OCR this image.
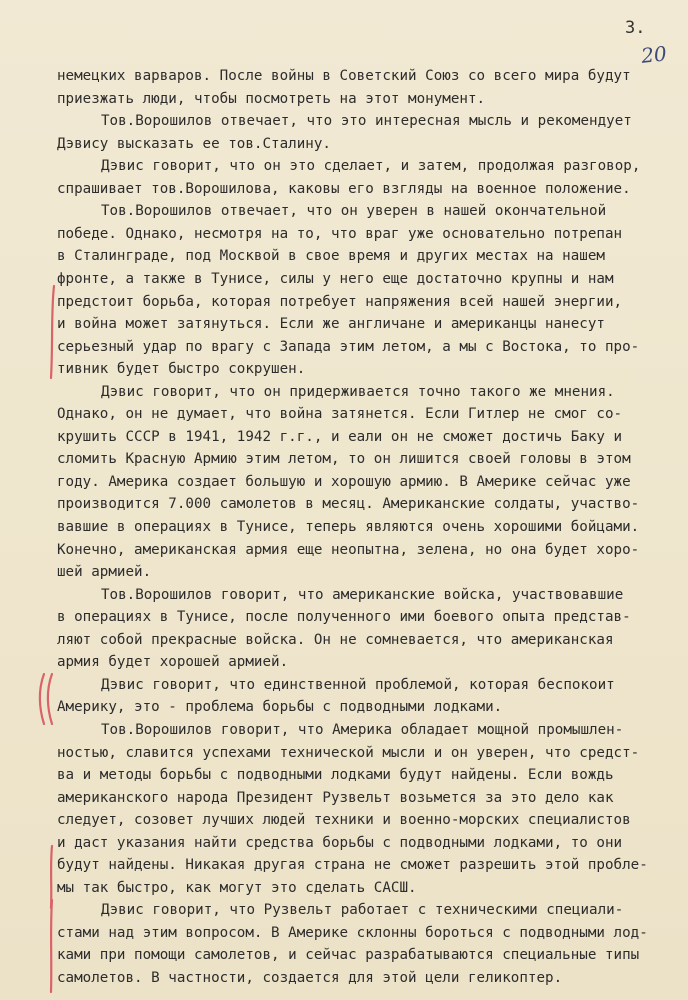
3.
20
немецких варваров. После войны в Советский Союз со всего мира будут
приезжать люди, чтобы посмотреть на этот монумент.
Тов.Ворошилов отвечает, что это интересная мысль и рекомендует
Дэвису высказать ее тов.Сталину.
Дэвис говорит, что он это сделает, и затем, продолжая разговор,
спрашивает тов.Ворошилова, каковы его взгляды на военное положение.
Тов.Ворошилов отвечает, что он уверен в нашей окончательной
победе. Однако, несмотря на то, что враг уже основательно потрепан
в Сталинграде, под Москвой в свое время и других местах на нашем
фронте, а также в Тунисе, силы у него еще достаточно крупны и нам
предстоит борьба, которая потребует напряжения всей нашей энергии,
и война может затянуться. Если же англичане и американцы нанесут
серьезный удар по врагу с Запада этим летом, а мы с Востока, то про-
тивник будет быстро сокрушен.
Дэвис говорит, что он придерживается точно такого же мнения.
Однако, он не думает, что война затянется. Если Гитлер не смог со-
крушить СССР в 1941, 1942 г.г., и еали он не сможет достичь Баку и
сломить Красную Армию этим летом, то он лишится своей головы в этом
году. Америка создает большую и хорошую армию. В Америке сейчас уже
производится 7.000 самолетов в месяц. Американские солдаты, участво-
вавшие в операциях в Тунисе, теперь являются очень хорошими бойцами.
Конечно, американская армия еще неопытна, зелена, но она будет хоро-
шей армией.
Тов.Ворошилов говорит, что американские войска, участвовавшие
в операциях в Тунисе, после полученного ими боевого опыта представ-
ляют собой прекрасные войска. Он не сомневается, что американская
армия будет хорошей армией.
Дэвис говорит, что единственной проблемой, которая беспокоит
Америку, это - проблема борьбы с подводными лодками.
Тов.Ворошилов говорит, что Америка обладает мощной промышлен-
ностью, славится успехами технической мысли и он уверен, что средст-
ва и методы борьбы с подводными лодками будут найдены. Если вождь
американского народа Президент Рузвельт возьмется за это дело как
следует, созовет лучших людей техники и военно-морских специалистов
и даст указания найти средства борьбы с подводными лодками, то они
будут найдены. Никакая другая страна не сможет разрешить этой пробле-
мы так быстро, как могут это сделать САСШ.
Дэвис говорит, что Рузвельт работает с техническими специали-
стами над этим вопросом. В Америке склонны бороться с подводными лод-
ками при помощи самолетов, и сейчас разрабатываются специальные типы
самолетов. В частности, создается для этой цели геликоптер.
